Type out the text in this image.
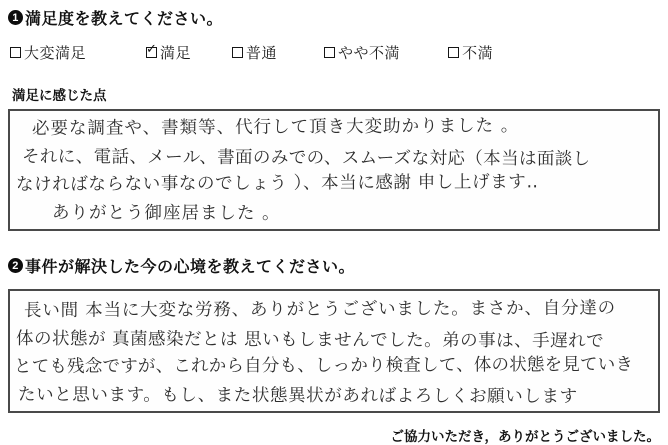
1 満足度を教えてください。
大変満足 ✓	満足	普通	やや不満	不満
満足に感じた点
必要な調査や、書類等、代行して頂き大変助かりました 。
それに、電話、メール、書面のみでの、スムーズな対応（本当は面談し
なければならない事なのでしょう ）、本当に感謝 申し上げます‥
ありがとう御座居ました 。
2 事件が解決した今の心境を教えてください。
長い間 本当に大変な労務、ありがとうございました。まさか、自分達の
体の状態が 真菌感染だとは 思いもしませんでした。弟の事は、手遅れで
とても残念ですが、これから自分も、しっかり検査して、体の状態を見ていき
たいと思います。もし、また状態異状があればよろしくお願いします
ご協力いただき，ありがとうございました。
